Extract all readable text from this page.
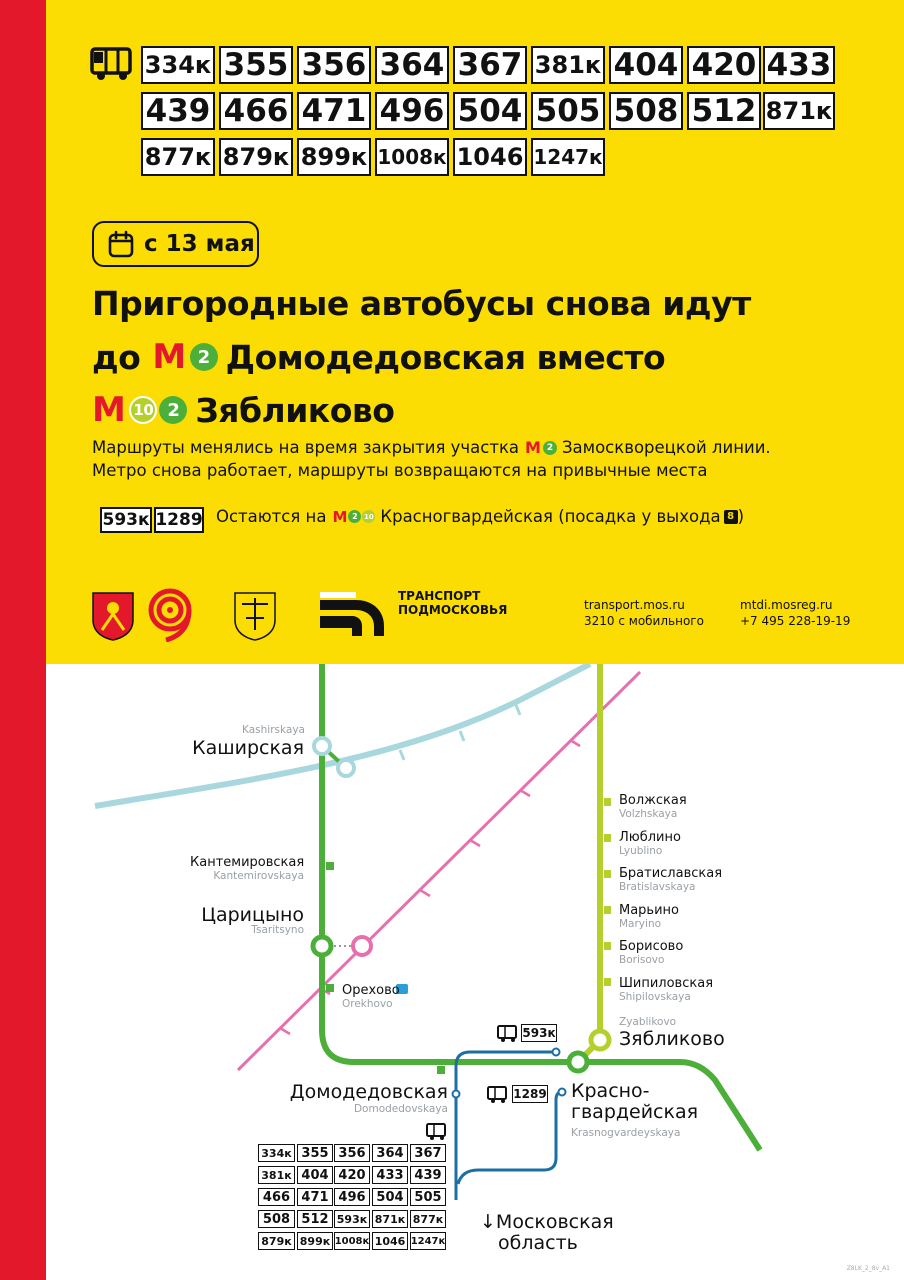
334к 355 356 364 367 381к 404 420 433
439 466 471 496 504 505 508 512 871к
877к 879к 899к 1008к 1046 1247к
с 13 мая
Пригородные автобусы снова идут
до М 2 Домодедовская вместо
М 10 2 Зябликово
Маршруты менялись на время закрытия участка М 2 Замоскворецкой линии.
Метро снова работает, маршруты возвращаются на привычные места
593к 1289 Остаются на М 2 10 Красногвардейская (посадка у выхода 8 )
ТРАНСПОРТ
ПОДМОСКОВЬЯ	transport.mos.ru
3210 с мобильного
mtdi.mosreg.ru
+7 495 228-19-19
Kashirskaya
Каширская
Кантемировская
Kantemirovskaya
Царицыно
Tsaritsyno
Орехово
Orekhovo
Домодедовская
Domodedovskaya
Красно-
гвардейская
Krasnogvardeyskaya
Zyablikovo
Зябликово
Волжская
Volzhskaya
Люблино
Lyublino
Братиславская
Bratislavskaya
Марьино
Maryino
Борисово
Borisovo
Шипиловская
Shipilovskaya
593к
1289
↓Московская
область
334к 355 356 364 367
381к 404 420 433 439
466 471 496 504 505
508 512 593к 871к 877к
879к 899к 1008к 1046 1247к
Z8LK_2_8v_A1
